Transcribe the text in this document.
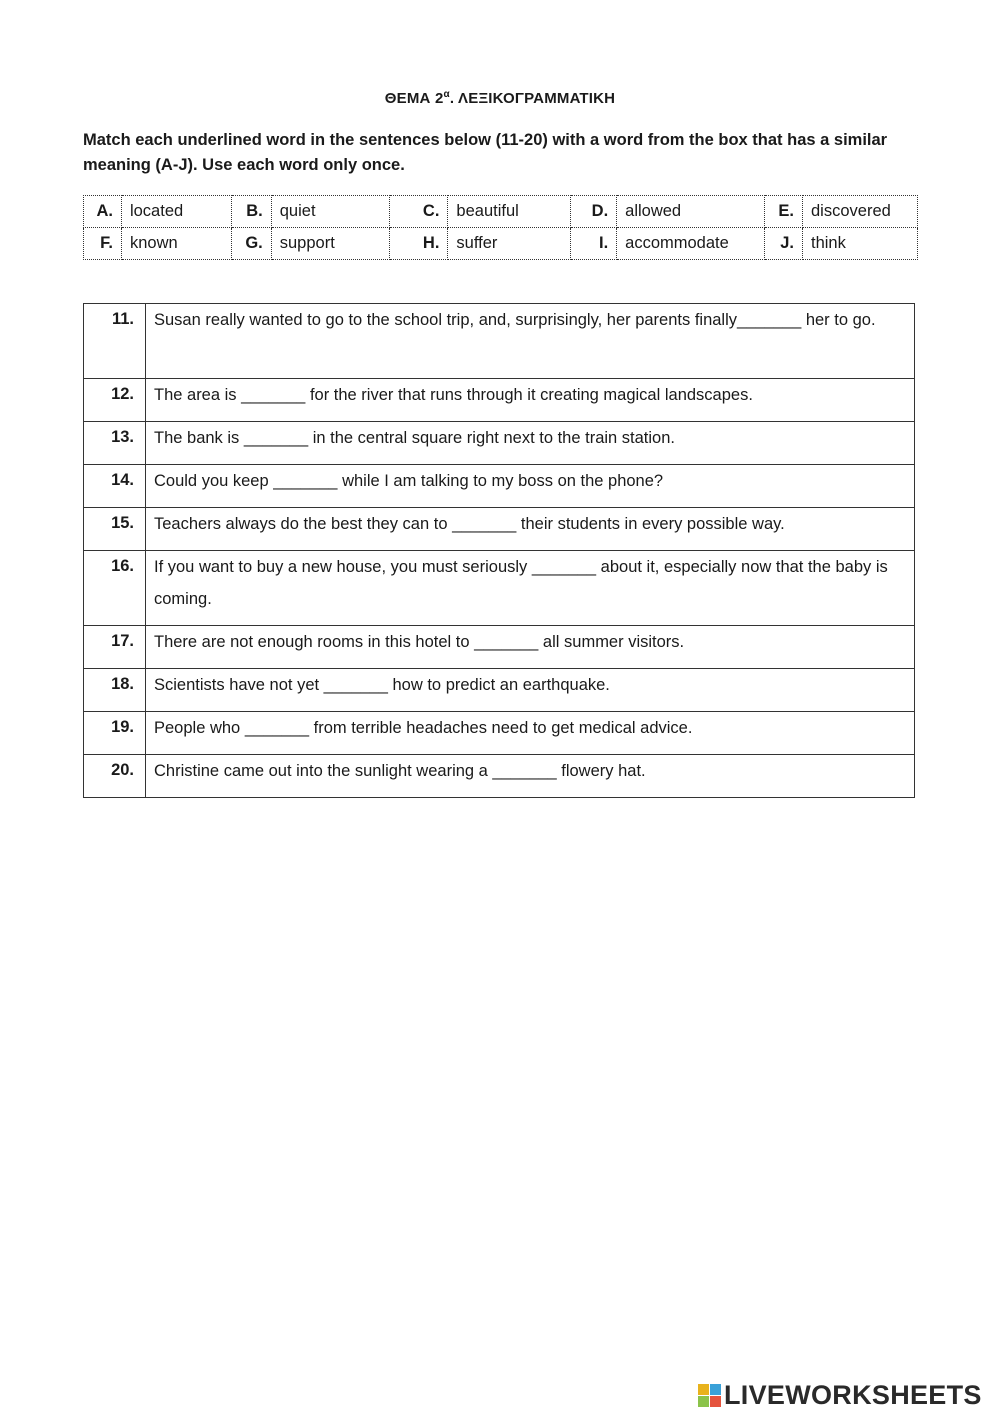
ΘΕΜΑ $2^\alpha$. ΛΕΞΙΚΟΓΡΑΜΜΑΤΙΚΗ
Match each underlined word in the sentences below (11-20) with a word from the box that has a similar meaning (A-J). Use each word only once.
A.	located	B.	quiet	C.	beautiful	D.	allowed	E.	discovered
F.	known	G.	support	H.	suffer	I.	accommodate	J.	think
11.	Susan really wanted to go to the school trip, and, surprisingly, her parents finally_______ her to go.
12.	The area is _______ for the river that runs through it creating magical landscapes.
13.	The bank is _______ in the central square right next to the train station.
14.	Could you keep _______ while I am talking to my boss on the phone?
15.	Teachers always do the best they can to _______ their students in every possible way.
16.	If you want to buy a new house, you must seriously _______ about it, especially now that the baby is coming.
17.	There are not enough rooms in this hotel to _______ all summer visitors.
18.	Scientists have not yet _______ how to predict an earthquake.
19.	People who _______ from terrible headaches need to get medical advice.
20.	Christine came out into the sunlight wearing a _______ flowery hat.
LIVEWORKSHEETS
